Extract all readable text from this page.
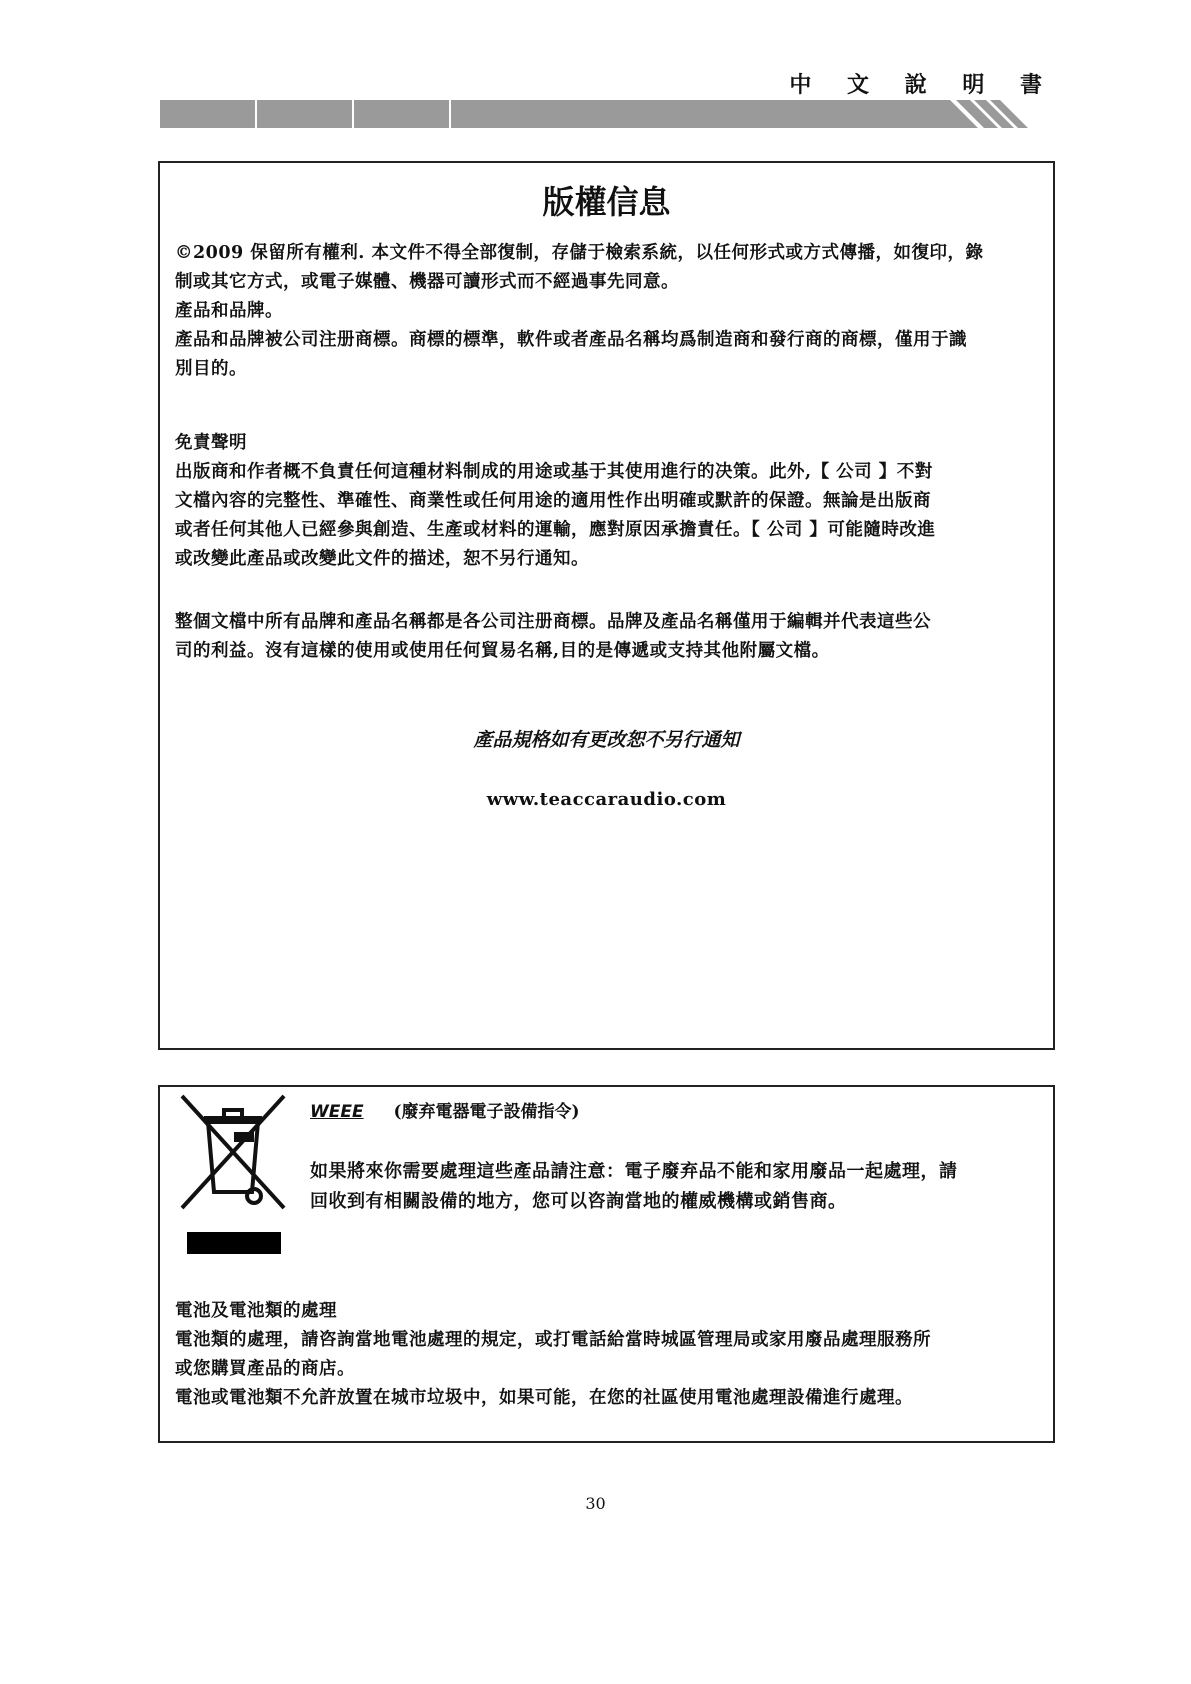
中 文 說 明 書
版權信息

©2009 保留所有權利. 本文件不得全部復制，存儲于檢索系統，以任何形式或方式傳播，如復印，錄
制或其它方式，或電子媒體、機器可讀形式而不經過事先同意。
產品和品牌。
產品和品牌被公司注册商標。商標的標準，軟件或者產品名稱均爲制造商和發行商的商標，僅用于識
別目的。

免責聲明
出版商和作者概不負責任何這種材料制成的用途或基于其使用進行的决策。此外,【 公司 】不對
文檔內容的完整性、準確性、商業性或任何用途的適用性作出明確或默許的保證。無論是出版商
或者任何其他人已經參與創造、生產或材料的運輸，應對原因承擔責任。【 公司 】可能隨時改進
或改變此產品或改變此文件的描述，恕不另行通知。

整個文檔中所有品牌和產品名稱都是各公司注册商標。品牌及產品名稱僅用于編輯并代表這些公
司的利益。沒有這樣的使用或使用任何貿易名稱,目的是傳遞或支持其他附屬文檔。

產品規格如有更改恕不另行通知
www.teaccaraudio.com
WEEE (廢弃電器電子設備指令)

如果將來你需要處理這些產品請注意：電子廢弃品不能和家用廢品一起處理，請
回收到有相關設備的地方，您可以咨詢當地的權威機構或銷售商。

電池及電池類的處理
電池類的處理，請咨詢當地電池處理的規定，或打電話給當時城區管理局或家用廢品處理服務所
或您購買產品的商店。
電池或電池類不允許放置在城市垃圾中，如果可能，在您的社區使用電池處理設備進行處理。

30
